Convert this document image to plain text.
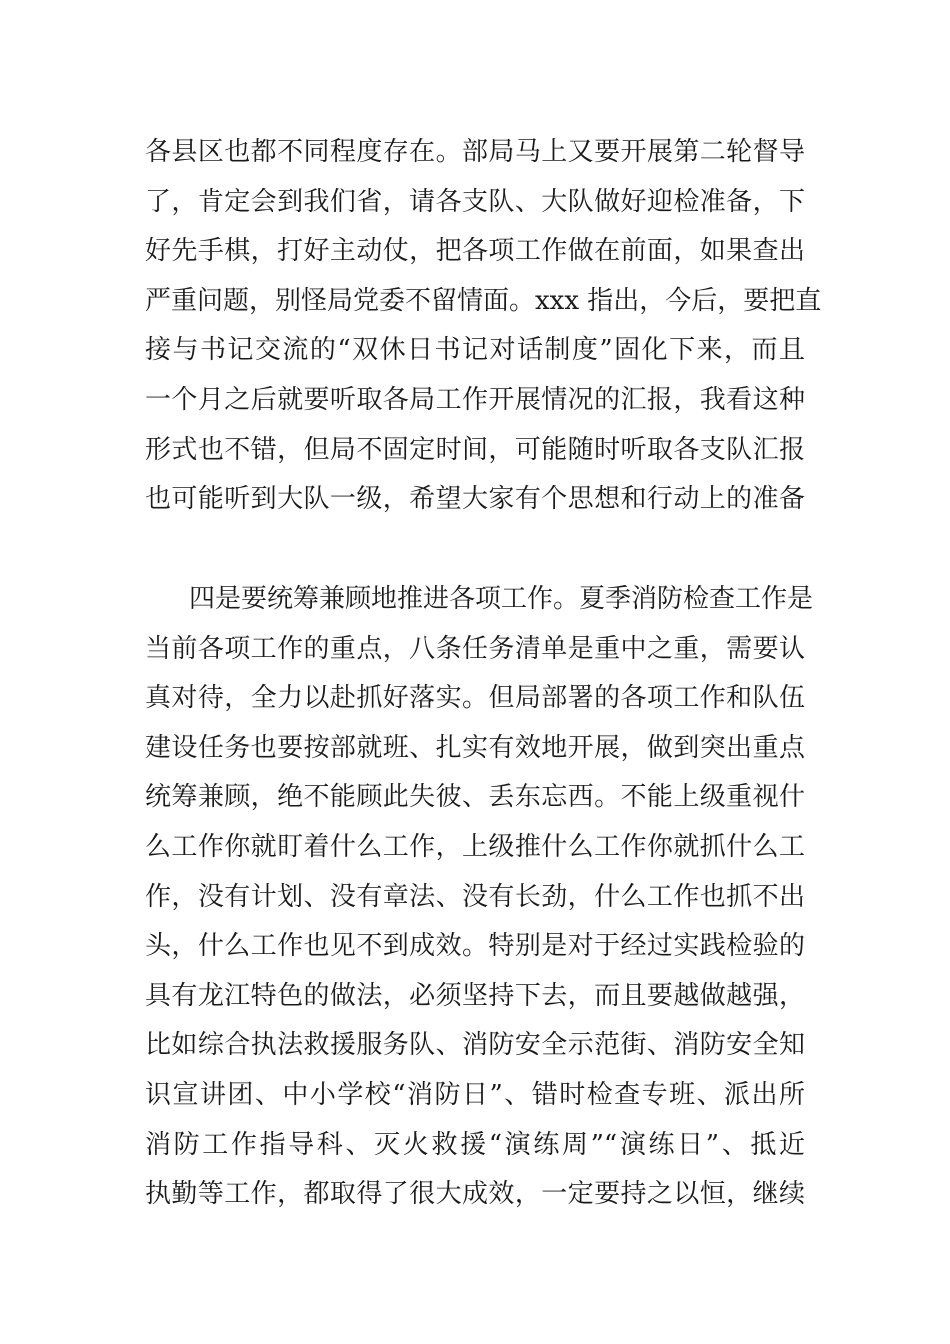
各县区也都不同程度存在。部局马上又要开展第二轮督导
了，肯定会到我们省，请各支队、大队做好迎检准备，下
好先手棋，打好主动仗，把各项工作做在前面，如果查出
严重问题，别怪局党委不留情面。xxx 指出，今后，要把直
接与书记交流的“双休日书记对话制度”固化下来，而且
一个月之后就要听取各局工作开展情况的汇报，我看这种
形式也不错，但局不固定时间，可能随时听取各支队汇报
也可能听到大队一级，希望大家有个思想和行动上的准备
四是要统筹兼顾地推进各项工作。夏季消防检查工作是
当前各项工作的重点，八条任务清单是重中之重，需要认
真对待，全力以赴抓好落实。但局部署的各项工作和队伍
建设任务也要按部就班、扎实有效地开展，做到突出重点
统筹兼顾，绝不能顾此失彼、丢东忘西。不能上级重视什
么工作你就盯着什么工作，上级推什么工作你就抓什么工
作，没有计划、没有章法、没有长劲，什么工作也抓不出
头，什么工作也见不到成效。特别是对于经过实践检验的
具有龙江特色的做法，必须坚持下去，而且要越做越强，
比如综合执法救援服务队、消防安全示范街、消防安全知
识宣讲团、中小学校“消防日”、错时检查专班、派出所
消防工作指导科、灭火救援“演练周”“演练日”、抵近
执勤等工作，都取得了很大成效，一定要持之以恒，继续
